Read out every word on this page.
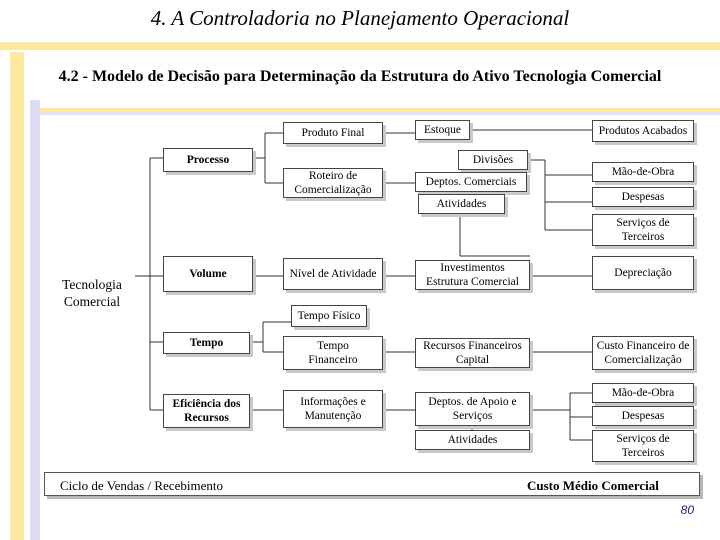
4. A Controladoria no Planejamento Operacional
4.2 - Modelo de Decisão para Determinação da Estrutura do Ativo Tecnologia Comercial
Tecnologia Comercial
Processo
Volume
Tempo
Eficiência dos Recursos
Produto Final
Roteiro de Comercialização
Nível de Atividade
Tempo Físico
Tempo Financeiro
Informações e Manutenção
Estoque
Divisões
Deptos. Comerciais
Atividades
Investimentos Estrutura Comercial
Recursos Financeiros Capital
Deptos. de Apoio e Serviços
Atividades
Produtos Acabados
Mão-de-Obra
Despesas
Serviços de Terceiros
Depreciação
Custo Financeiro de Comercialização
Mão-de-Obra
Despesas
Serviços de Terceiros
Ciclo de Vendas / Recebimento	Custo Médio Comercial
80
